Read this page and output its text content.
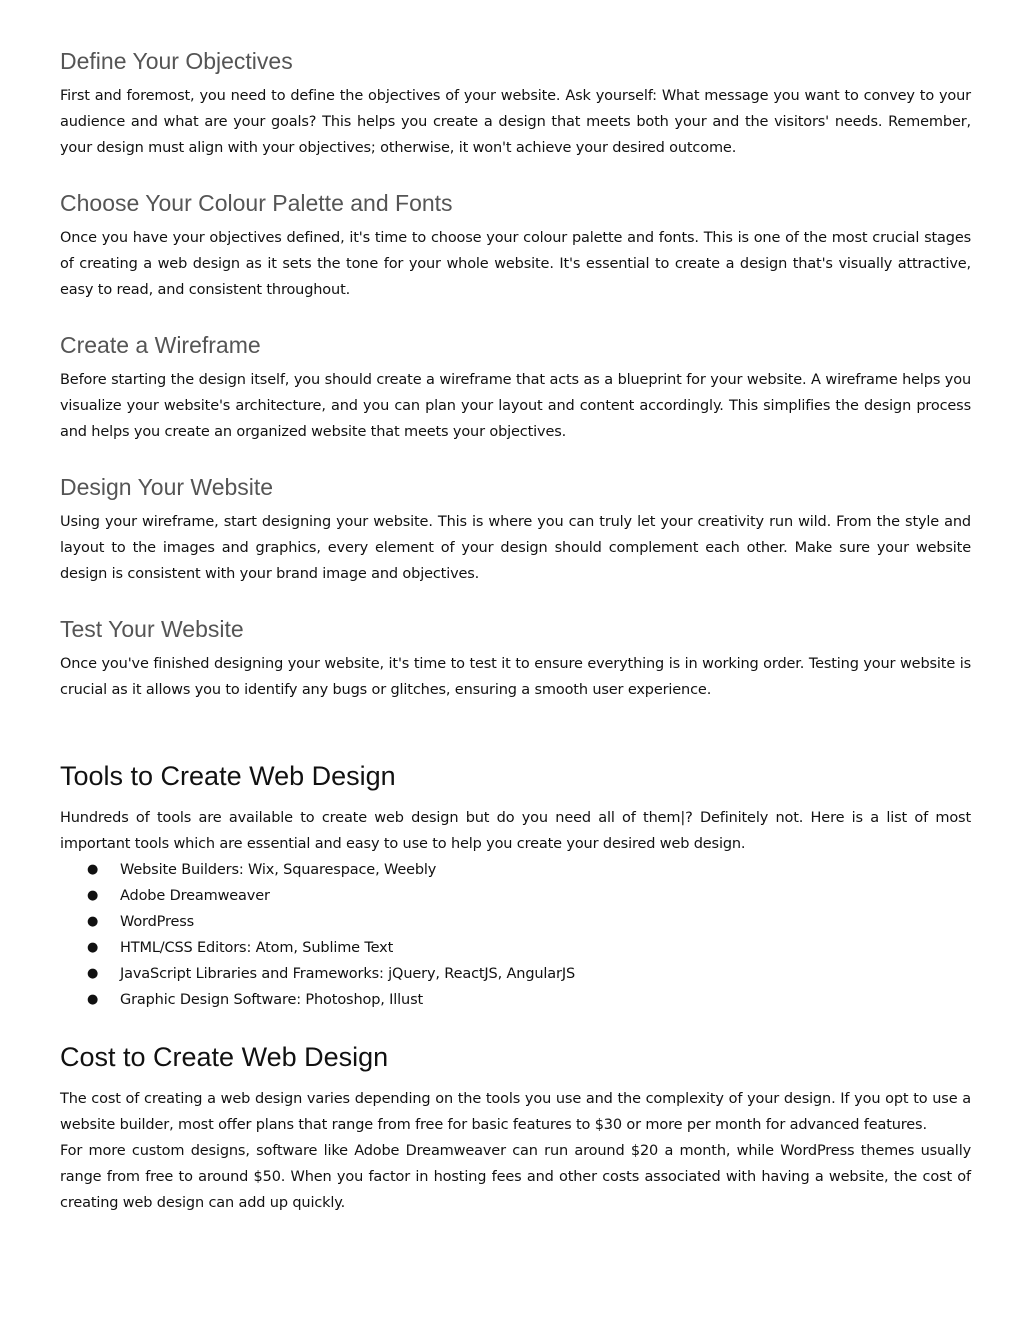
Define Your Objectives

First and foremost, you need to define the objectives of your website. Ask yourself: What message you want to convey to your audience and what are your goals? This helps you create a design that meets both your and the visitors' needs. Remember, your design must align with your objectives; otherwise, it won't achieve your desired outcome.

Choose Your Colour Palette and Fonts

Once you have your objectives defined, it's time to choose your colour palette and fonts. This is one of the most crucial stages of creating a web design as it sets the tone for your whole website. It's essential to create a design that's visually attractive, easy to read, and consistent throughout.

Create a Wireframe

Before starting the design itself, you should create a wireframe that acts as a blueprint for your website. A wireframe helps you visualize your website's architecture, and you can plan your layout and content accordingly. This simplifies the design process and helps you create an organized website that meets your objectives.

Design Your Website

Using your wireframe, start designing your website. This is where you can truly let your creativity run wild. From the style and layout to the images and graphics, every element of your design should complement each other. Make sure your website design is consistent with your brand image and objectives.

Test Your Website

Once you've finished designing your website, it's time to test it to ensure everything is in working order. Testing your website is crucial as it allows you to identify any bugs or glitches, ensuring a smooth user experience.

Tools to Create Web Design

Hundreds of tools are available to create web design but do you need all of them|? Definitely not. Here is a list of most important tools which are essential and easy to use to help you create your desired web design.

● Website Builders: Wix, Squarespace, Weebly
● Adobe Dreamweaver
● WordPress
● HTML/CSS Editors: Atom, Sublime Text
● JavaScript Libraries and Frameworks: jQuery, ReactJS, AngularJS
● Graphic Design Software: Photoshop, Illust
Cost to Create Web Design

The cost of creating a web design varies depending on the tools you use and the complexity of your design. If you opt to use a website builder, most offer plans that range from free for basic features to $30 or more per month for advanced features.

For more custom designs, software like Adobe Dreamweaver can run around $20 a month, while WordPress themes usually range from free to around $50. When you factor in hosting fees and other costs associated with having a website, the cost of creating web design can add up quickly.
